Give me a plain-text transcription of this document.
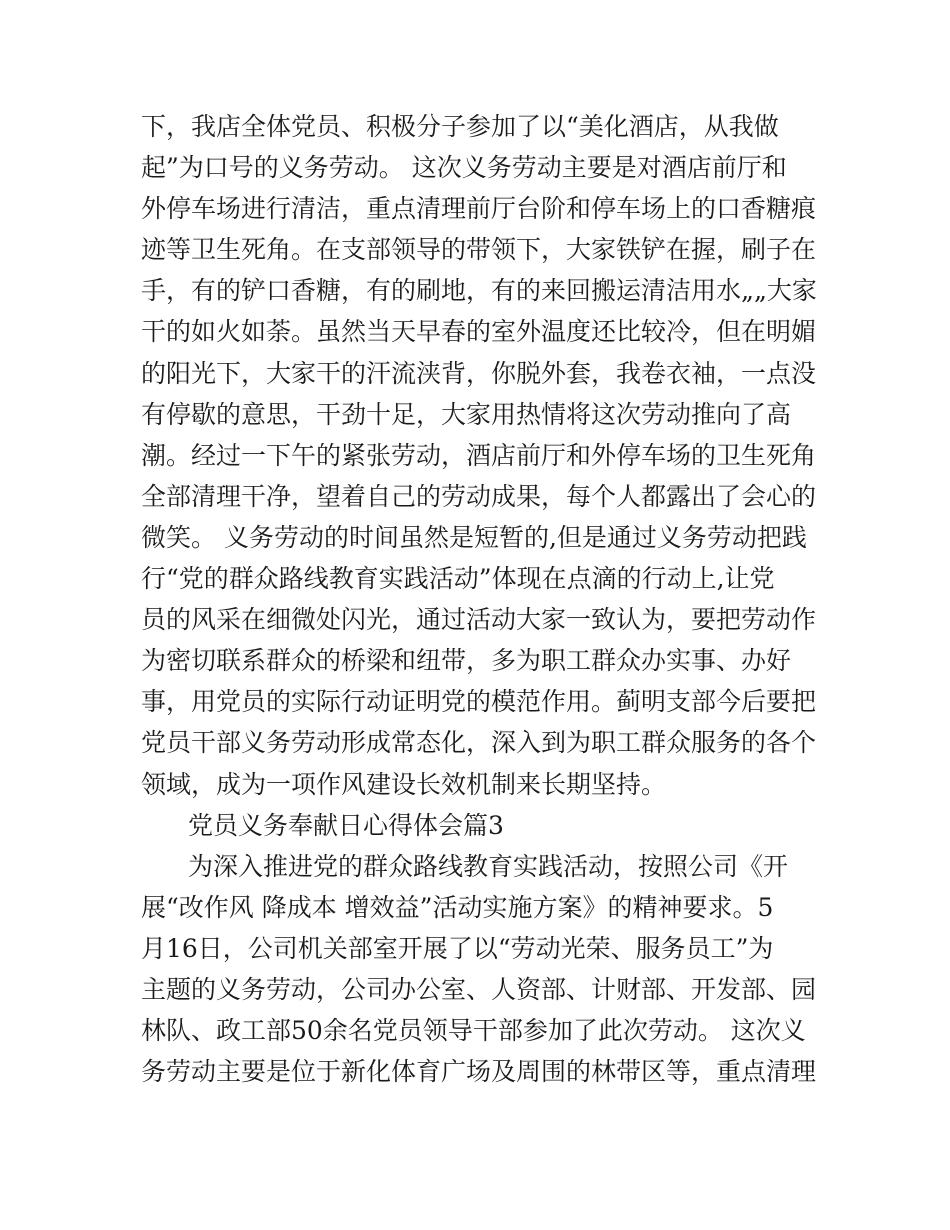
下，我店全体党员、积极分子参加了以“美化酒店，从我做
起”为口号的义务劳动。 这次义务劳动主要是对酒店前厅和
外停车场进行清洁，重点清理前厅台阶和停车场上的口香糖痕
迹等卫生死角。在支部领导的带领下，大家铁铲在握，刷子在
手，有的铲口香糖，有的刷地，有的来回搬运清洁用水„„大家
干的如火如荼。虽然当天早春的室外温度还比较冷，但在明媚
的阳光下，大家干的汗流浃背，你脱外套，我卷衣袖，一点没
有停歇的意思，干劲十足，大家用热情将这次劳动推向了高
潮。经过一下午的紧张劳动，酒店前厅和外停车场的卫生死角
全部清理干净，望着自己的劳动成果，每个人都露出了会心的
微笑。 义务劳动的时间虽然是短暂的,但是通过义务劳动把践
行“党的群众路线教育实践活动”体现在点滴的行动上,让党
员的风采在细微处闪光，通过活动大家一致认为，要把劳动作
为密切联系群众的桥梁和纽带，多为职工群众办实事、办好
事，用党员的实际行动证明党的模范作用。蓟明支部今后要把
党员干部义务劳动形成常态化，深入到为职工群众服务的各个
领域，成为一项作风建设长效机制来长期坚持。
党员义务奉献日心得体会篇3
为深入推进党的群众路线教育实践活动，按照公司《开
展“改作风 降成本 增效益”活动实施方案》的精神要求。5
月16日，公司机关部室开展了以“劳动光荣、服务员工”为
主题的义务劳动，公司办公室、人资部、计财部、开发部、园
林队、政工部50余名党员领导干部参加了此次劳动。 这次义
务劳动主要是位于新化体育广场及周围的林带区等，重点清理
